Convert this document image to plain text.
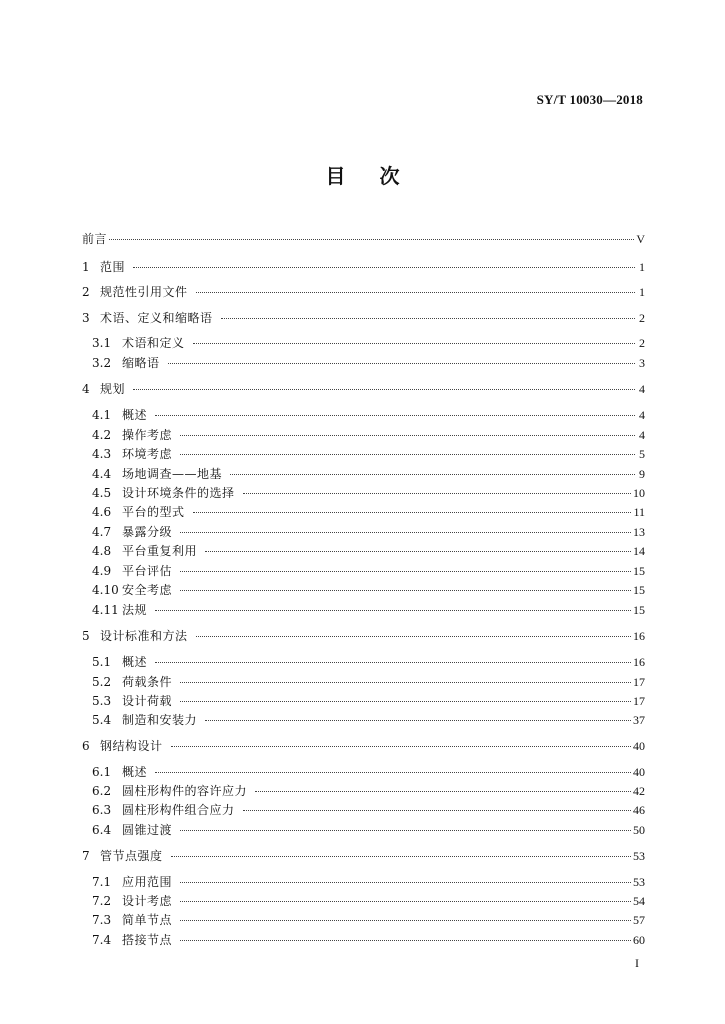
SY/T 10030—2018
目 次
前言	V
1 范围	1
2 规范性引用文件	1
3 术语、定义和缩略语	2
3.1 术语和定义	2
3.2 缩略语	3
4 规划	4
4.1 概述	4
4.2 操作考虑	4
4.3 环境考虑	5
4.4 场地调查——地基	9
4.5 设计环境条件的选择	10
4.6 平台的型式	11
4.7 暴露分级	13
4.8 平台重复利用	14
4.9 平台评估	15
4.10 安全考虑	15
4.11 法规	15
5 设计标准和方法	16
5.1 概述	16
5.2 荷载条件	17
5.3 设计荷载	17
5.4 制造和安装力	37
6 钢结构设计	40
6.1 概述	40
6.2 圆柱形构件的容许应力	42
6.3 圆柱形构件组合应力	46
6.4 圆锥过渡	50
7 管节点强度	53
7.1 应用范围	53
7.2 设计考虑	54
7.3 简单节点	57
7.4 搭接节点	60
I
